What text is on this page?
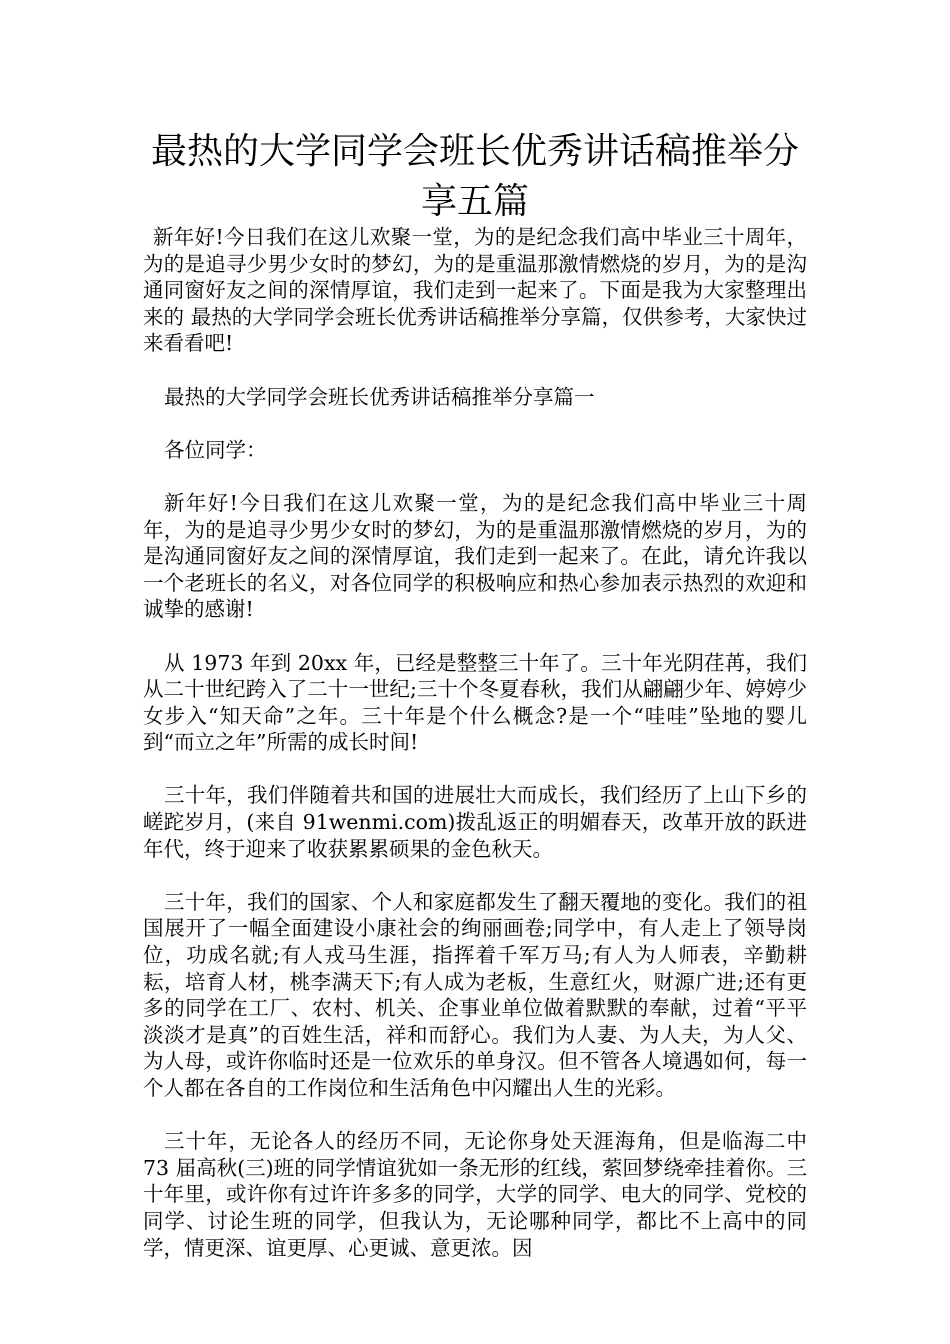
最热的大学同学会班长优秀讲话稿推举分
享五篇

新年好!今日我们在这儿欢聚一堂，为的是纪念我们高中毕业三十周年，为的是追寻少男少女时的梦幻，为的是重温那激情燃烧的岁月，为的是沟通同窗好友之间的深情厚谊，我们走到一起来了。下面是我为大家整理出来的 最热的大学同学会班长优秀讲话稿推举分享篇，仅供参考，大家快过来看看吧!

最热的大学同学会班长优秀讲话稿推举分享篇一

各位同学：

新年好!今日我们在这儿欢聚一堂，为的是纪念我们高中毕业三十周年，为的是追寻少男少女时的梦幻，为的是重温那激情燃烧的岁月，为的是沟通同窗好友之间的深情厚谊，我们走到一起来了。在此，请允许我以一个老班长的名义，对各位同学的积极响应和热心参加表示热烈的欢迎和诚挚的感谢!

从 1973 年到 20xx 年，已经是整整三十年了。三十年光阴荏苒，我们从二十世纪跨入了二十一世纪;三十个冬夏春秋，我们从翩翩少年、婷婷少女步入“知天命”之年。三十年是个什么概念?是一个“哇哇”坠地的婴儿到“而立之年”所需的成长时间!

三十年，我们伴随着共和国的进展壮大而成长，我们经历了上山下乡的嵯跎岁月，(来自 91wenmi.com)拨乱返正的明媚春天，改革开放的跃进年代，终于迎来了收获累累硕果的金色秋天。

三十年，我们的国家、个人和家庭都发生了翻天覆地的变化。我们的祖国展开了一幅全面建设小康社会的绚丽画卷;同学中，有人走上了领导岗位，功成名就;有人戎马生涯，指挥着千军万马;有人为人师表，辛勤耕耘，培育人材，桃李满天下;有人成为老板，生意红火，财源广进;还有更多的同学在工厂、农村、机关、企事业单位做着默默的奉献，过着“平平淡淡才是真”的百姓生活，祥和而舒心。我们为人妻、为人夫，为人父、为人母，或许你临时还是一位欢乐的单身汉。但不管各人境遇如何，每一个人都在各自的工作岗位和生活角色中闪耀出人生的光彩。

三十年，无论各人的经历不同，无论你身处天涯海角，但是临海二中 73 届高秋(三)班的同学情谊犹如一条无形的红线，萦回梦绕牵挂着你。三十年里，或许你有过许许多多的同学，大学的同学、电大的同学、党校的同学、讨论生班的同学，但我认为，无论哪种同学，都比不上高中的同学，情更深、谊更厚、心更诚、意更浓。因
